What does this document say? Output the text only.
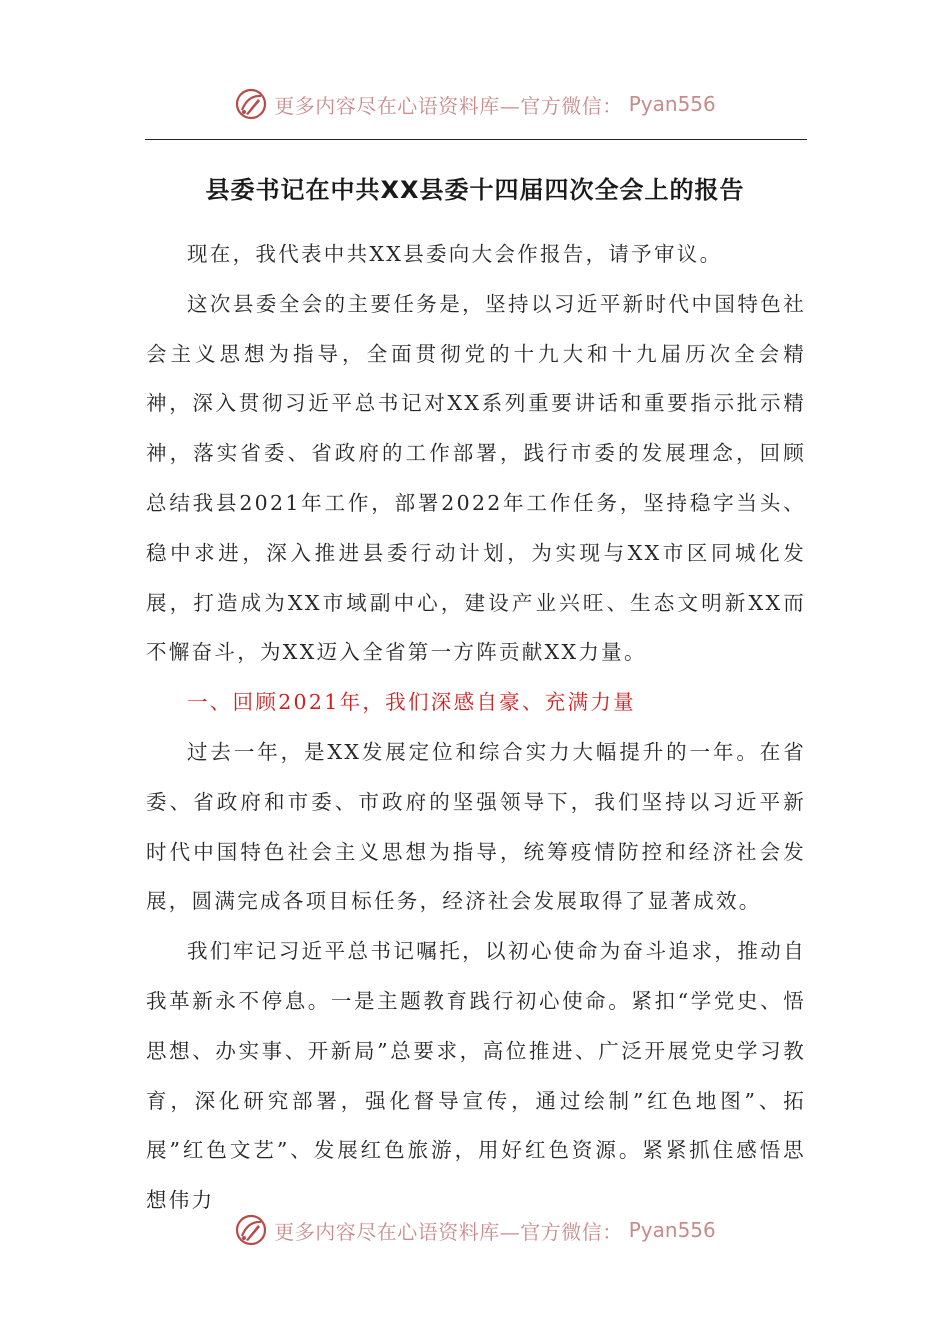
更多内容尽在心语资料库—官方微信： Pyan556
县委书记在中共XX县委十四届四次全会上的报告

现在，我代表中共XX县委向大会作报告，请予审议。

这次县委全会的主要任务是，坚持以习近平新时代中国特色社会主义思想为指导，全面贯彻党的十九大和十九届历次全会精神，深入贯彻习近平总书记对XX系列重要讲话和重要指示批示精神，落实省委、省政府的工作部署，践行市委的发展理念，回顾总结我县2021年工作，部署2022年工作任务，坚持稳字当头、稳中求进，深入推进县委行动计划，为实现与XX市区同城化发展，打造成为XX市域副中心，建设产业兴旺、生态文明新XX而不懈奋斗，为XX迈入全省第一方阵贡献XX力量。

一、回顾2021年，我们深感自豪、充满力量

过去一年，是XX发展定位和综合实力大幅提升的一年。在省委、省政府和市委、市政府的坚强领导下，我们坚持以习近平新时代中国特色社会主义思想为指导，统筹疫情防控和经济社会发展，圆满完成各项目标任务，经济社会发展取得了显著成效。

我们牢记习近平总书记嘱托，以初心使命为奋斗追求，推动自我革新永不停息。一是主题教育践行初心使命。紧扣“学党史、悟思想、办实事、开新局”总要求，高位推进、广泛开展党史学习教育，深化研究部署，强化督导宣传，通过绘制”红色地图”、拓展”红色文艺”、发展红色旅游，用好红色资源。紧紧抓住感悟思想伟力

更多内容尽在心语资料库—官方微信： Pyan556
